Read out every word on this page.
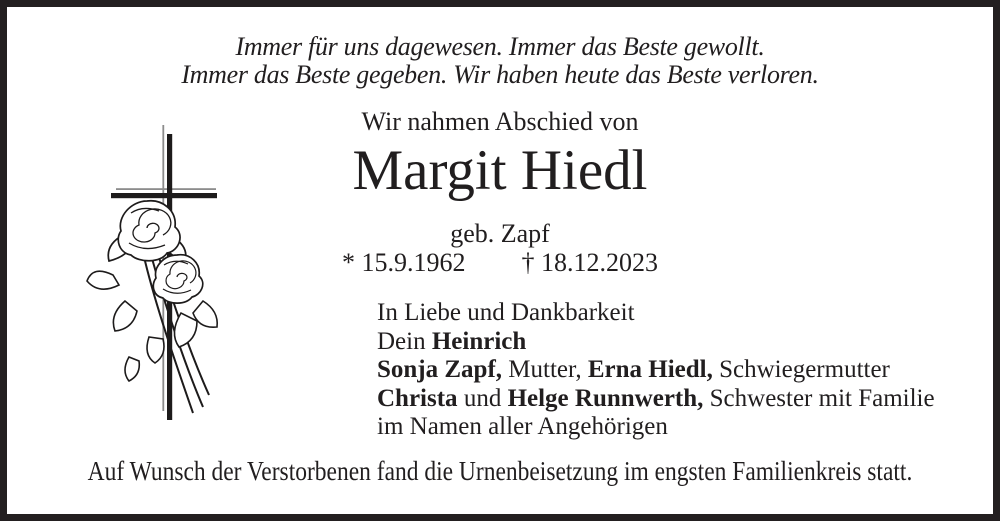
Immer für uns dagewesen. Immer das Beste gewollt.
Immer das Beste gegeben. Wir haben heute das Beste verloren.
Wir nahmen Abschied von
Margit Hiedl
geb. Zapf
* 15.9.1962 † 18.12.2023
In Liebe und Dankbarkeit
Dein Heinrich
Sonja Zapf, Mutter, Erna Hiedl, Schwiegermutter
Christa und Helge Runnwerth, Schwester mit Familie
im Namen aller Angehörigen
Auf Wunsch der Verstorbenen fand die Urnenbeisetzung im engsten Familienkreis statt.
